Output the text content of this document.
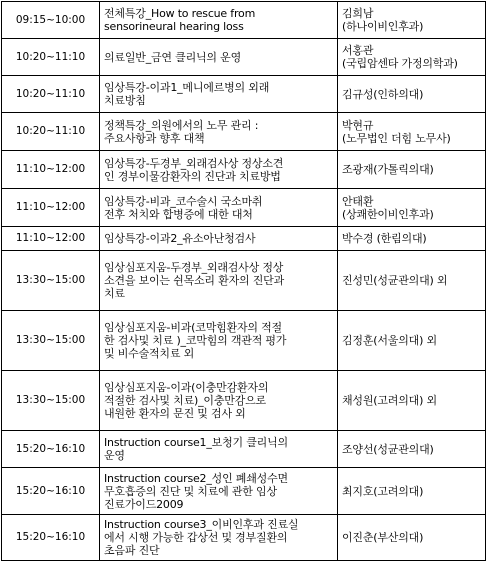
09:15~10:00	전체특강_How to rescue from
sensorineural hearing loss	김희남
(하나이비인후과)

10:20~11:10	의료일반_금연 클리닉의 운영	서홍관
(국립암센타 가정의학과)

10:20~11:10	임상특강-이과1_메니에르병의 외래
치료방침	김규성(인하의대)

10:20~11:10	정책특강_의원에서의 노무 관리 :
주요사항과 향후 대책	박현규
(노무법인 더힘 노무사)

11:10~12:00	임상특강-두경부_외래검사상 정상소견
인 경부이물감환자의 진단과 치료방법	조광재(가톨릭의대)

11:10~12:00	임상특강-비과_코수술시 국소마취
전후 처치와 합병증에 대한 대처	안태환
(상쾌한이비인후과)

11:10~12:00	임상특강-이과2_유소아난청검사	박수경 (한림의대)

13:30~15:00	임상심포지움-두경부_외래검사상 정상
소견을 보이는 쉰목소리 환자의 진단과
치료	진성민(성균관의대) 외

13:30~15:00	임상심포지움-비과(코막힘환자의 적절
한 검사및 치료 )_코막힘의 객관적 평가
및 비수술적치료 외	김정훈(서울의대) 외

13:30~15:00	임상심포지움-이과(이충만감환자의
적절한 검사및 치료)_이충만감으로
내원한 환자의 문진 및 검사 외	채성원(고려의대) 외

15:20~16:10	Instruction course1_보청기 클리닉의
운영	조양선(성균관의대)

15:20~16:10	Instruction course2_성인 폐쇄성수면
무호흡증의 진단 및 치료에 관한 임상
진료가이드2009	최지호(고려의대)

15:20~16:10	Instruction course3_이비인후과 진료실
에서 시행 가능한 갑상선 및 경부질환의
초음파 진단	이진춘(부산의대)
